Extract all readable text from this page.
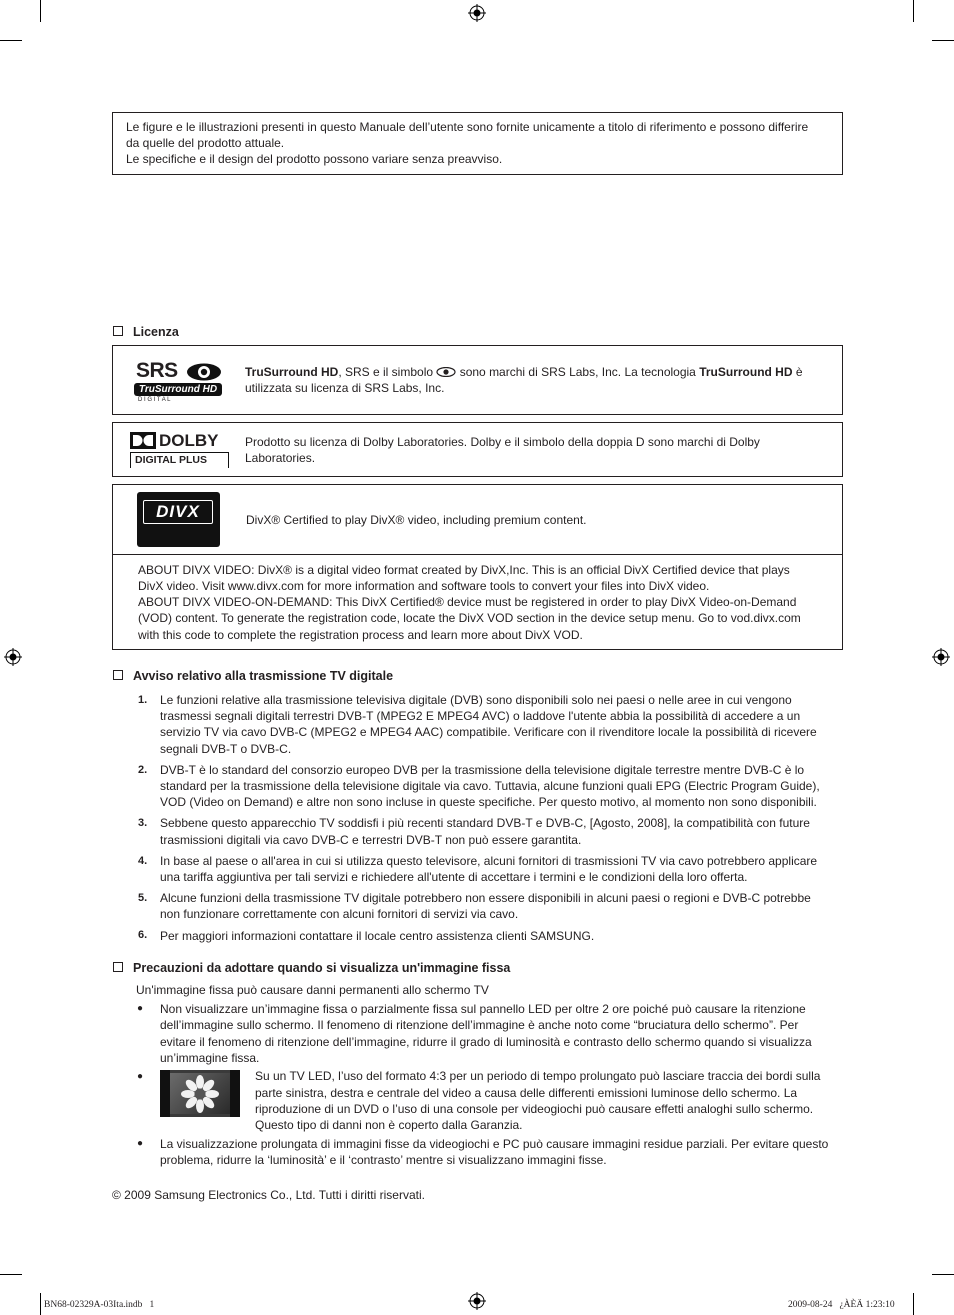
Le figure e le illustrazioni presenti in questo Manuale dell’utente sono fornite unicamente a titolo di riferimento e possono differire
da quelle del prodotto attuale.
Le specifiche e il design del prodotto possono variare senza preavviso.
Licenza
SRS
TruSurround HD
D I G I T A L
TruSurround HD, SRS e il simbolo  sono marchi di SRS Labs, Inc. La tecnologia TruSurround HD è
utilizzata su licenza di SRS Labs, Inc.
DOLBY
DIGITAL PLUS
Prodotto su licenza di Dolby Laboratories. Dolby e il simbolo della doppia D sono marchi di Dolby
Laboratories.
DIVX	DivX® Certified to play DivX® video, including premium content.
ABOUT DIVX VIDEO: DivX® is a digital video format created by DivX,Inc. This is an official DivX Certified device that plays
DivX video. Visit www.divx.com for more information and software tools to convert your files into DivX video.
ABOUT DIVX VIDEO-ON-DEMAND: This DivX Certified® device must be registered in order to play DivX Video-on-Demand
(VOD) content. To generate the registration code, locate the DivX VOD section in the device setup menu. Go to vod.divx.com
with this code to complete the registration process and learn more about DivX VOD.
Avviso relativo alla trasmissione TV digitale
1. Le funzioni relative alla trasmissione televisiva digitale (DVB) sono disponibili solo nei paesi o nelle aree in cui vengono
trasmessi segnali digitali terrestri DVB-T (MPEG2 E MPEG4 AVC) o laddove l'utente abbia la possibilità di accedere a un
servizio TV via cavo DVB-C (MPEG2 e MPEG4 AAC) compatibile. Verificare con il rivenditore locale la possibilità di ricevere
segnali DVB-T o DVB-C.
2. DVB-T è lo standard del consorzio europeo DVB per la trasmissione della televisione digitale terrestre mentre DVB-C è lo
standard per la trasmissione della televisione digitale via cavo. Tuttavia, alcune funzioni quali EPG (Electric Program Guide),
VOD (Video on Demand) e altre non sono incluse in queste specifiche. Per questo motivo, al momento non sono disponibili.
3. Sebbene questo apparecchio TV soddisfi i più recenti standard DVB-T e DVB-C, [Agosto, 2008], la compatibilità con future
trasmissioni digitali via cavo DVB-C e terrestri DVB-T non può essere garantita.
4. In base al paese o all'area in cui si utilizza questo televisore, alcuni fornitori di trasmissioni TV via cavo potrebbero applicare
una tariffa aggiuntiva per tali servizi e richiedere all'utente di accettare i termini e le condizioni della loro offerta.
5. Alcune funzioni della trasmissione TV digitale potrebbero non essere disponibili in alcuni paesi o regioni e DVB-C potrebbe
non funzionare correttamente con alcuni fornitori di servizi via cavo.
6. Per maggiori informazioni contattare il locale centro assistenza clienti SAMSUNG.
Precauzioni da adottare quando si visualizza un'immagine fissa
Un'immagine fissa può causare danni permanenti allo schermo TV
● Non visualizzare un’immagine fissa o parzialmente fissa sul pannello LED per oltre 2 ore poiché può causare la ritenzione
dell’immagine sullo schermo. Il fenomeno di ritenzione dell’immagine è anche noto come “bruciatura dello schermo”. Per
evitare il fenomeno di ritenzione dell’immagine, ridurre il grado di luminosità e contrasto dello schermo quando si visualizza
un’immagine fissa.
●	Su un TV LED, l’uso del formato 4:3 per un periodo di tempo prolungato può lasciare traccia dei bordi sulla
parte sinistra, destra e centrale del video a causa delle differenti emissioni luminose dello schermo. La
riproduzione di un DVD o l’uso di una console per videogiochi può causare effetti analoghi sullo schermo.
Questo tipo di danni non è coperto dalla Garanzia.
● La visualizzazione prolungata di immagini fisse da videogiochi e PC può causare immagini residue parziali. Per evitare questo
problema, ridurre la ‘luminosità’ e il ‘contrasto’ mentre si visualizzano immagini fisse.
© 2009 Samsung Electronics Co., Ltd. Tutti i diritti riservati.
BN68-02329A-03Ita.indb   1	2009-08-24   ¿ÀÈÄ 1:23:10
